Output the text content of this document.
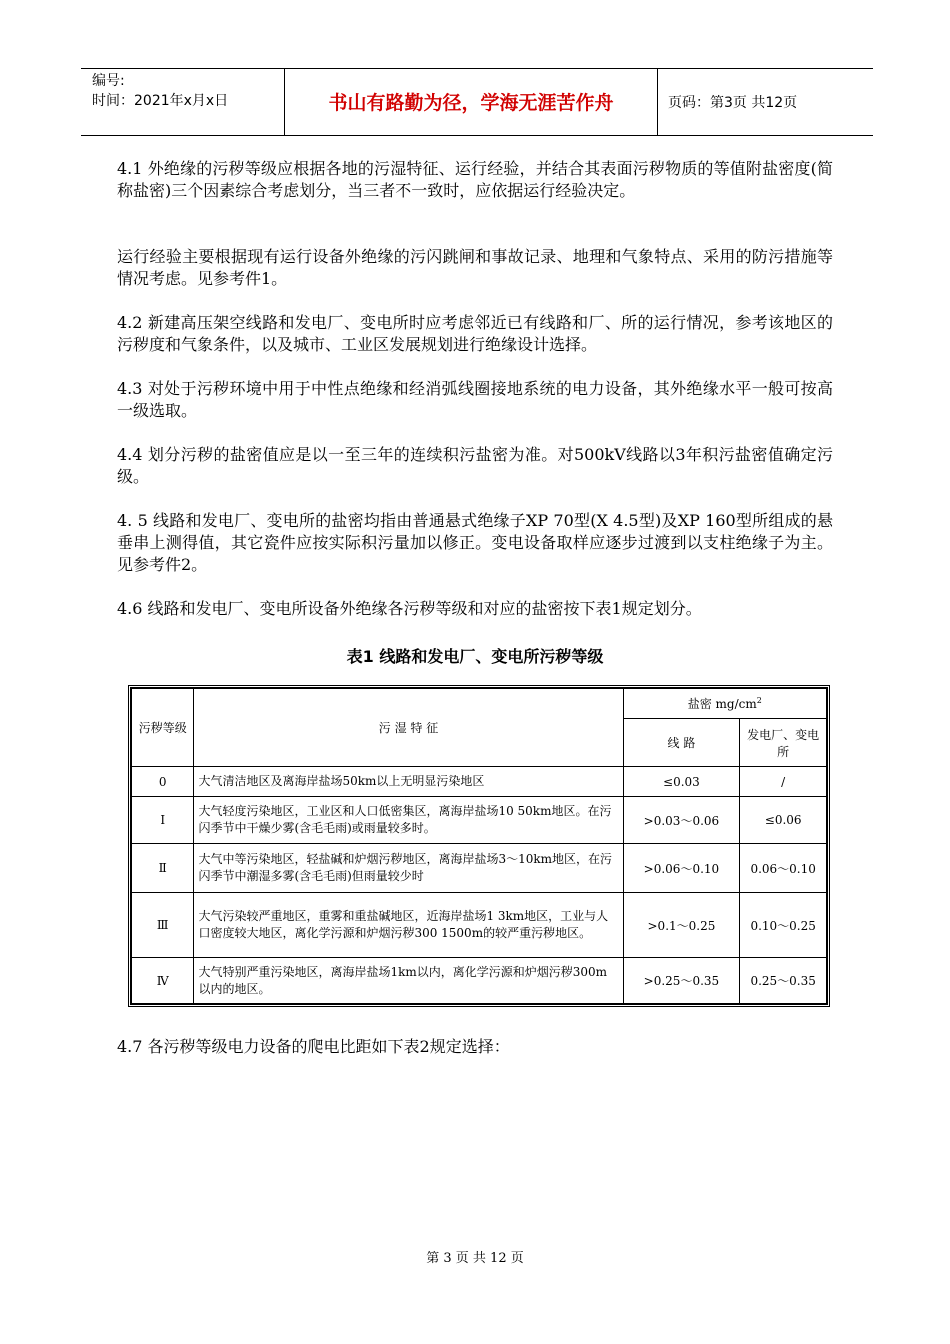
编号:
时间：2021年x月x日	书山有路勤为径，学海无涯苦作舟	页码：第3页 共12页

4.1 外绝缘的污秽等级应根据各地的污湿特征、运行经验，并结合其表面污秽物质的等值附盐密度(简称盐密)三个因素综合考虑划分，当三者不一致时，应依据运行经验决定。

运行经验主要根据现有运行设备外绝缘的污闪跳闸和事故记录、地理和气象特点、采用的防污措施等情况考虑。见参考件1。

4.2 新建高压架空线路和发电厂、变电所时应考虑邻近已有线路和厂、所的运行情况，参考该地区的污秽度和气象条件，以及城市、工业区发展规划进行绝缘设计选择。

4.3 对处于污秽环境中用于中性点绝缘和经消弧线圈接地系统的电力设备，其外绝缘水平一般可按高一级选取。

4.4 划分污秽的盐密值应是以一至三年的连续积污盐密为准。对500kV线路以3年积污盐密值确定污级。

4. 5 线路和发电厂、变电所的盐密均指由普通悬式绝缘子XP 70型(X 4.5型)及XP 160型所组成的悬垂串上测得值，其它瓷件应按实际积污量加以修正。变电设备取样应逐步过渡到以支柱绝缘子为主。见参考件2。

4.6 线路和发电厂、变电所设备外绝缘各污秽等级和对应的盐密按下表1规定划分。

表1 线路和发电厂、变电所污秽等级
污秽等级	污 湿 特 征	盐密 $mg/cm^2$
		线 路	发电厂、变电所
0	大气清洁地区及离海岸盐场50km以上无明显污染地区	≤0.03	/
Ⅰ	大气轻度污染地区，工业区和人口低密集区，离海岸盐场10 50km地区。在污闪季节中干燥少雾(含毛毛雨)或雨量较多时。	>0.03～0.06	≤0.06
Ⅱ	大气中等污染地区，轻盐碱和炉烟污秽地区，离海岸盐场3～10km地区，在污闪季节中潮湿多雾(含毛毛雨)但雨量较少时	>0.06～0.10	0.06～0.10
Ⅲ	大气污染较严重地区，重雾和重盐碱地区，近海岸盐场1 3km地区，工业与人口密度较大地区，离化学污源和炉烟污秽300 1500m的较严重污秽地区。	>0.1～0.25	0.10～0.25
Ⅳ	大气特别严重污染地区，离海岸盐场1km以内，离化学污源和炉烟污秽300m以内的地区。	>0.25～0.35	0.25～0.35

4.7 各污秽等级电力设备的爬电比距如下表2规定选择：

第 3 页 共 12 页
